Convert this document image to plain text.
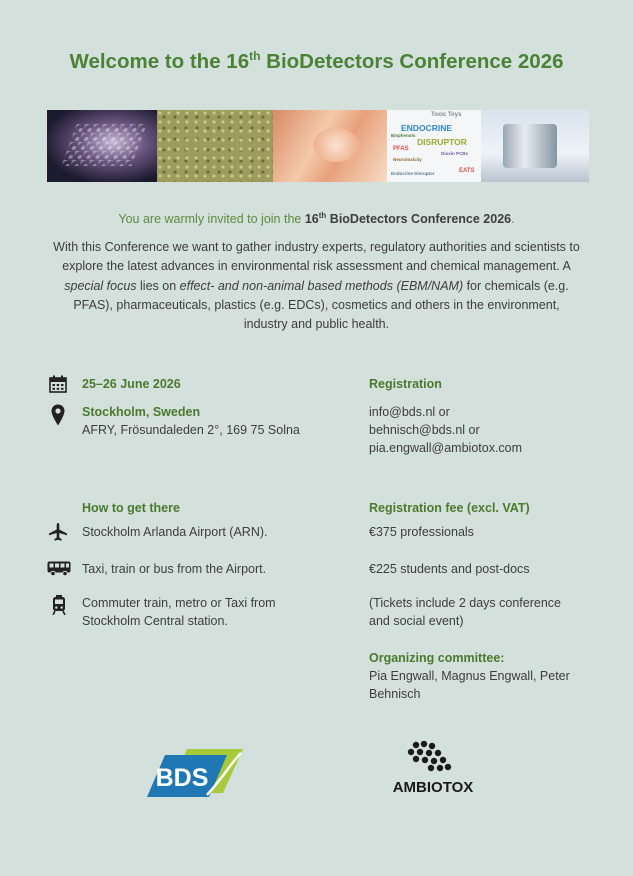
Welcome to the 16th BioDetectors Conference 2026
Toxic Toys
ENDOCRINE
DISRUPTOR
PFAS
EATS
Dioxin PCBs
Bisphenols
Neurotoxicity
Endocrine Disruptor
You are warmly invited to join the 16th BioDetectors Conference 2026.
With this Conference we want to gather industry experts, regulatory authorities and scientists to explore the latest advances in environmental risk assessment and chemical management. A special focus lies on effect- and non-animal based methods (EBM/NAM) for chemicals (e.g. PFAS), pharmaceuticals, plastics (e.g. EDCs), cosmetics and others in the environment, industry and public health.
25–26 June 2026
Stockholm, Sweden
AFRY, Frösundaleden 2°, 169 75 Solna
How to get there
Stockholm Arlanda Airport (ARN).
Taxi, train or bus from the Airport.
Commuter train, metro or Taxi from
Stockholm Central station.
Registration
info@bds.nl or
behnisch@bds.nl or
pia.engwall@ambiotox.com
Registration fee (excl. VAT)
€375 professionals
€225 students and post-docs
(Tickets include 2 days conference
and social event)
Organizing committee:
Pia Engwall, Magnus Engwall, Peter
Behnisch
BDS	AMBIOTOX
